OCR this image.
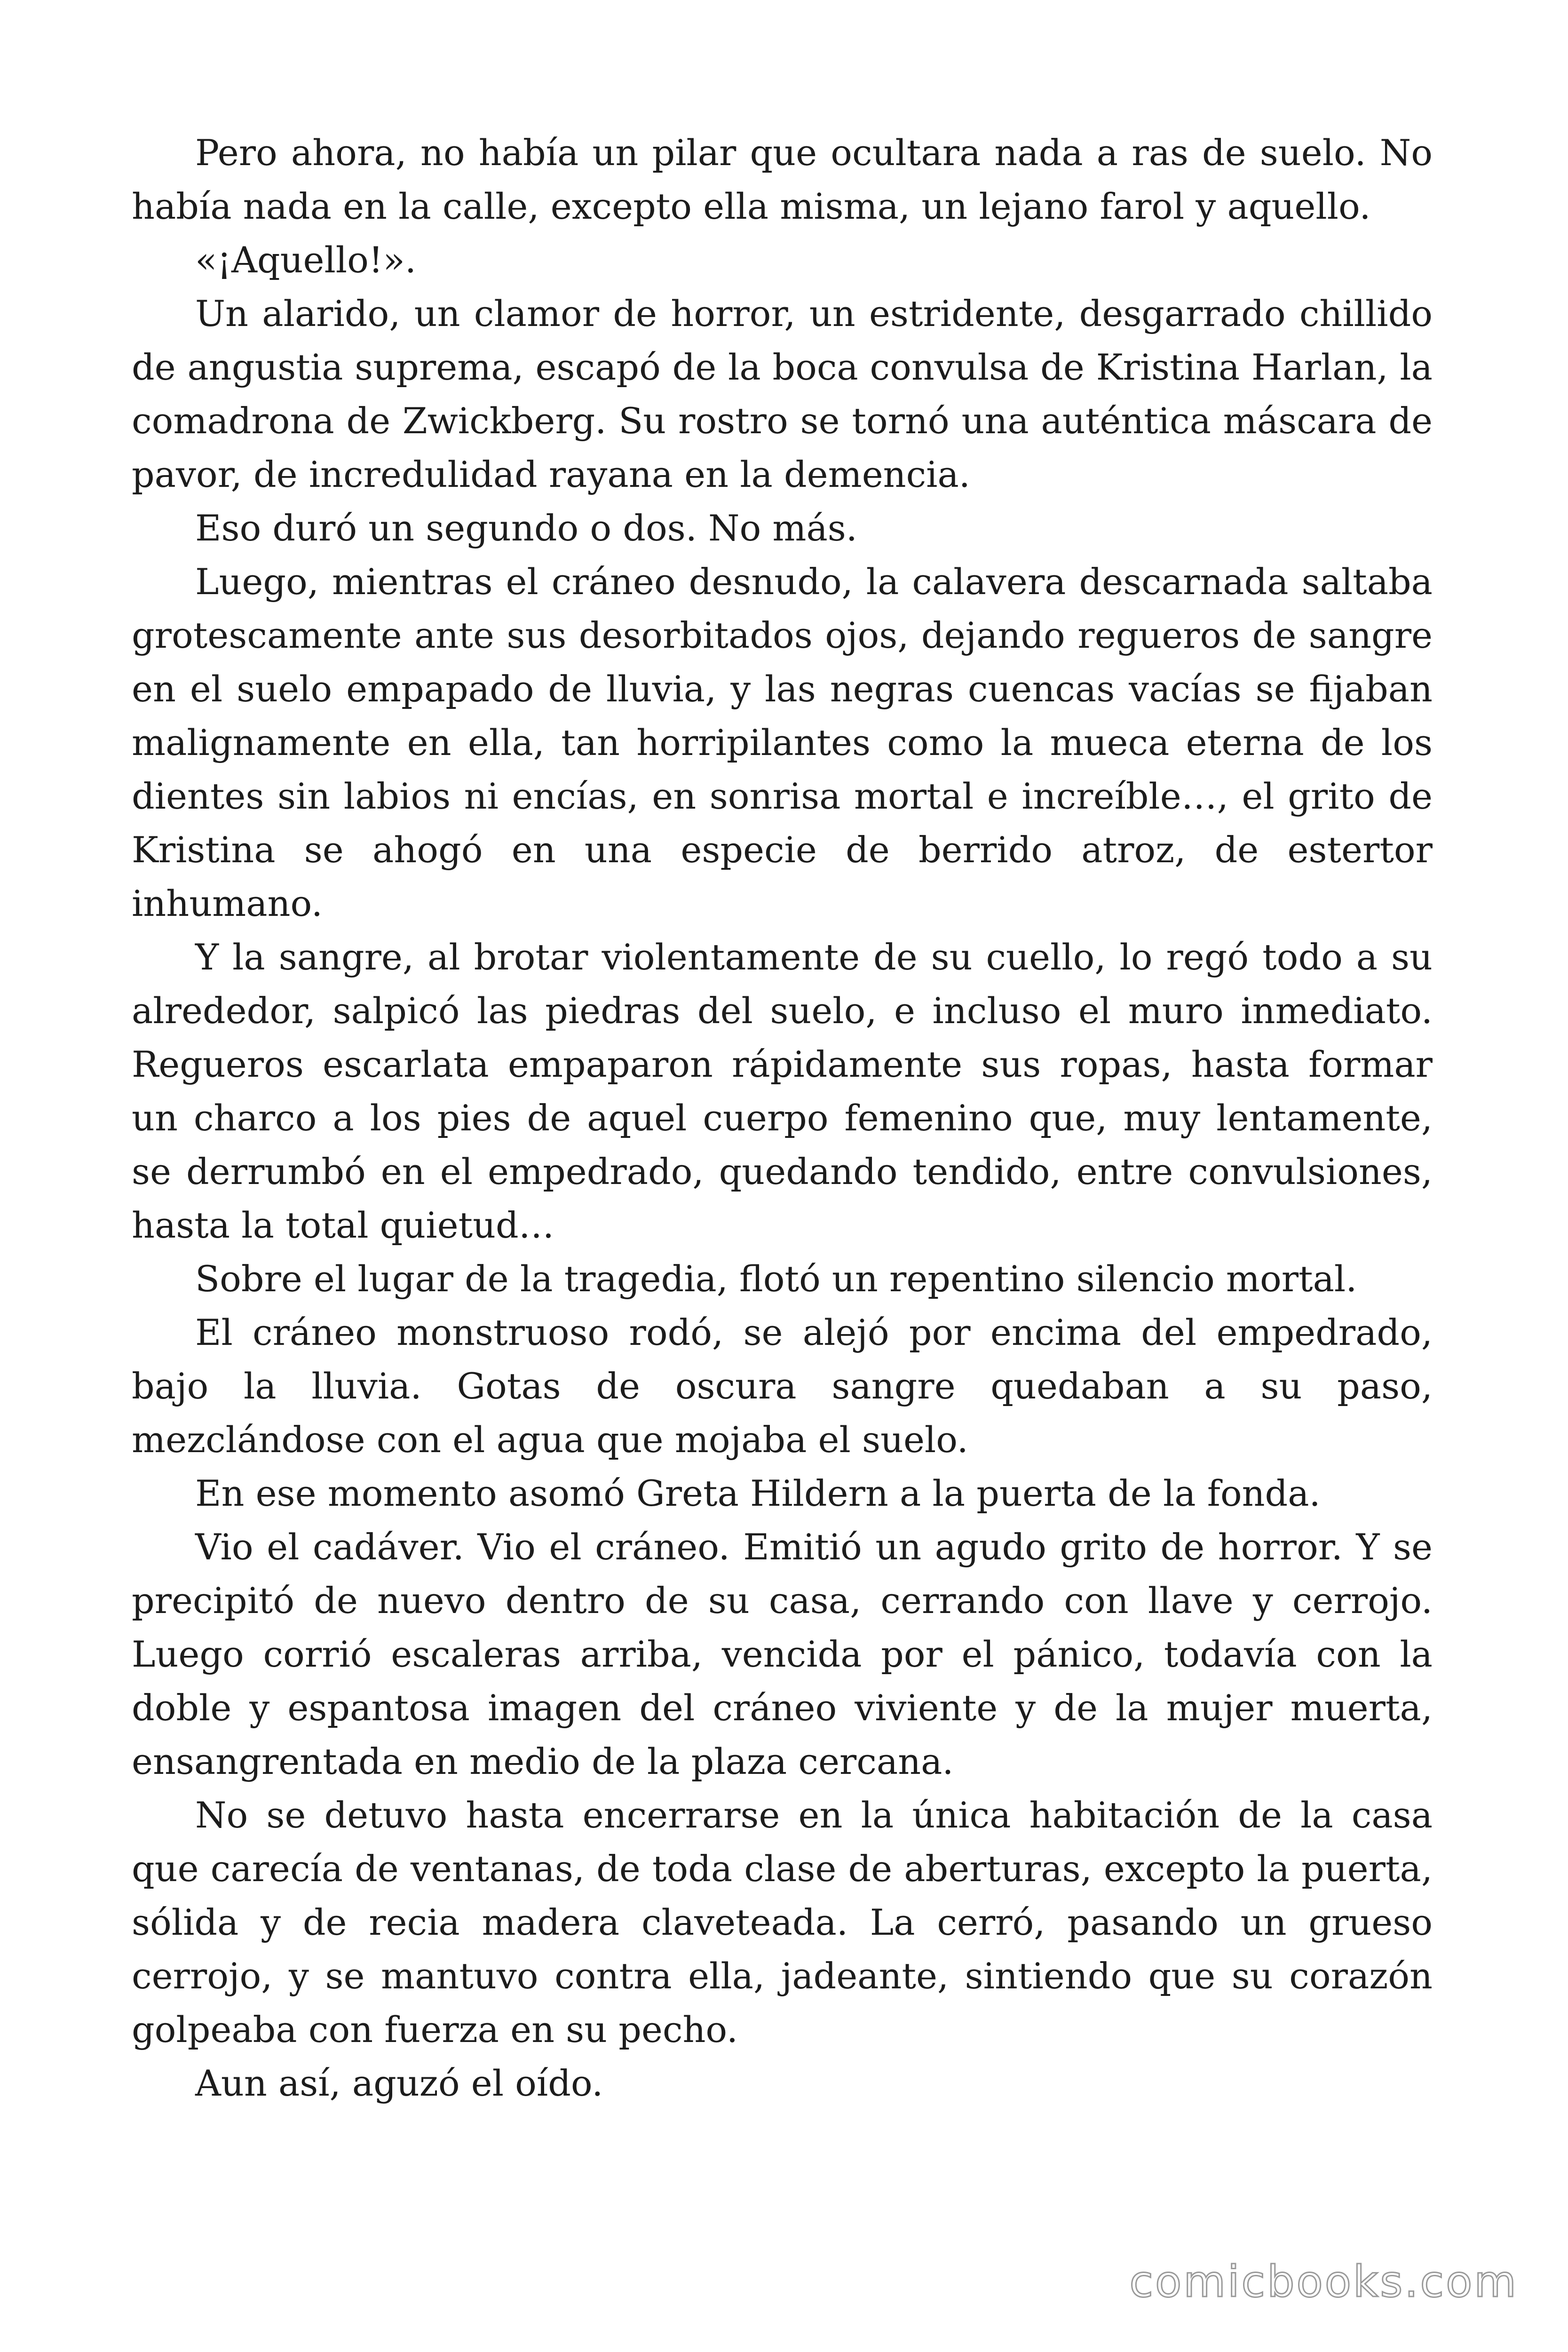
Pero ahora, no había un pilar que ocultara nada a ras de suelo. No había nada en la calle, excepto ella misma, un lejano farol y aquello.

«¡Aquello!».

Un alarido, un clamor de horror, un estridente, desgarrado chillido de angustia suprema, escapó de la boca convulsa de Kristina Harlan, la comadrona de Zwickberg. Su rostro se tornó una auténtica máscara de pavor, de incredulidad rayana en la demencia.

Eso duró un segundo o dos. No más.

Luego, mientras el cráneo desnudo, la calavera descarnada saltaba grotescamente ante sus desorbitados ojos, dejando regueros de sangre en el suelo empapado de lluvia, y las negras cuencas vacías se fijaban malignamente en ella, tan horripilantes como la mueca eterna de los dientes sin labios ni encías, en sonrisa mortal e increíble…, el grito de Kristina se ahogó en una especie de berrido atroz, de estertor inhumano.

Y la sangre, al brotar violentamente de su cuello, lo regó todo a su alrededor, salpicó las piedras del suelo, e incluso el muro inmediato. Regueros escarlata empaparon rápidamente sus ropas, hasta formar un charco a los pies de aquel cuerpo femenino que, muy lentamente, se derrumbó en el empedrado, quedando tendido, entre convulsiones, hasta la total quietud…

Sobre el lugar de la tragedia, flotó un repentino silencio mortal.

El cráneo monstruoso rodó, se alejó por encima del empedrado, bajo la lluvia. Gotas de oscura sangre quedaban a su paso, mezclándose con el agua que mojaba el suelo.

En ese momento asomó Greta Hildern a la puerta de la fonda.

Vio el cadáver. Vio el cráneo. Emitió un agudo grito de horror. Y se precipitó de nuevo dentro de su casa, cerrando con llave y cerrojo. Luego corrió escaleras arriba, vencida por el pánico, todavía con la doble y espantosa imagen del cráneo viviente y de la mujer muerta, ensangrentada en medio de la plaza cercana.

No se detuvo hasta encerrarse en la única habitación de la casa que carecía de ventanas, de toda clase de aberturas, excepto la puerta, sólida y de recia madera claveteada. La cerró, pasando un grueso cerrojo, y se mantuvo contra ella, jadeante, sintiendo que su corazón golpeaba con fuerza en su pecho.

Aun así, aguzó el oído.

comicbooks.com
